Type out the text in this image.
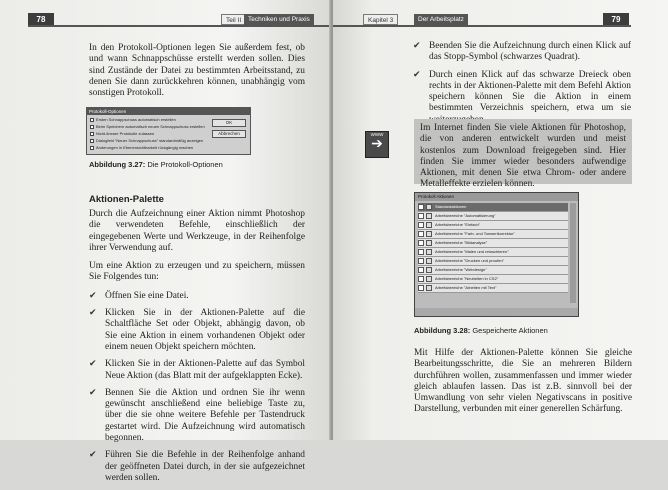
78	Teil II	Techniken und Praxis

In den Protokoll-Optionen legen Sie außerdem fest, ob und wann Schnappschüsse erstellt werden sollen. Dies sind Zustände der Datei zu bestimmten Arbeitsstand, zu denen Sie dann zurückkehren können, unabhängig vom sonstigen Protokoll.

Protokoll-Optionen
Ersten Schnappschuss automatisch erstellen
Beim Speichern automatisch neuen Schnappschuss erstellen
Nicht-lineare Protokolle zulassen
Dialogfeld "Neuer Schnappschuss" standardmäßig anzeigen
Änderungen in Ebenensichtbarkeit rückgängig machen
OK
Abbrechen
Abbildung 3.27: Die Protokoll-Optionen
Aktionen-Palette

Durch die Aufzeichnung einer Aktion nimmt Photoshop die verwendeten Befehle, einschließlich der eingegebenen Werte und Werkzeuge, in der Reihenfolge ihrer Verwendung auf.

Um eine Aktion zu erzeugen und zu speichern, müssen Sie Folgendes tun:

✔ Öffnen Sie eine Datei.
✔ Klicken Sie in der Aktionen-Palette auf die Schaltfläche Set oder Objekt, abhängig davon, ob Sie eine Aktion in einem vorhandenen Objekt oder einem neuen Objekt speichern möchten.
✔ Klicken Sie in der Aktionen-Palette auf das Symbol Neue Aktion (das Blatt mit der aufgeklappten Ecke).
✔ Bennen Sie die Aktion und ordnen Sie ihr wenn gewünscht anschließend eine beliebige Taste zu, über die sie ohne weitere Befehle per Tastendruck gestartet wird. Die Aufzeichnung wird automatisch begonnen.
✔ Führen Sie die Befehle in der Reihenfolge anhand der geöffneten Datei durch, in der sie aufgezeichnet werden sollen.
Kapitel 3	Der Arbeitsplatz	79
✔ Beenden Sie die Aufzeichnung durch einen Klick auf das Stopp-Symbol (schwarzes Quadrat).
✔ Durch einen Klick auf das schwarze Dreieck oben rechts in der Aktionen-Palette mit dem Befehl Aktion speichern können Sie die Aktion in einem bestimmten Verzeichnis speichern, etwa um sie
WWW
➔
Im Internet finden Sie viele Aktionen für Photoshop, die von anderen entwickelt wurden und meist kostenlos zum Download freigegeben sind. Hier finden Sie immer wieder besonders aufwendige Aktionen, mit denen Sie etwa Chrom- oder andere Metalleffekte erzielen können.
Protokoll Aktionen
Standardaktionen
Arbeitsbereiche "Automatisierung"
Arbeitsbereiche "Einfach"
Arbeitsbereiche "Farb- und Tonwertkorrektur"
Arbeitsbereiche "Bildanalyse"
Arbeitsbereiche "Malen und retuschieren"
Arbeitsbereiche "Drucken und proofen"
Arbeitsbereiche "Webdesign"
Arbeitsbereiche "Neuheiten in CS2"
Arbeitsbereiche "Arbeiten mit Text"
Abbildung 3.28: Gespeicherte Aktionen

Mit Hilfe der Aktionen-Palette können Sie gleiche Bearbeitungsschritte, die Sie an mehreren Bildern durchführen wollen, zusammenfassen und immer wieder gleich ablaufen lassen. Das ist z.B. sinnvoll bei der Umwandlung von sehr vielen Negativscans in positive Darstellung, verbunden mit einer generellen Schärfung.
